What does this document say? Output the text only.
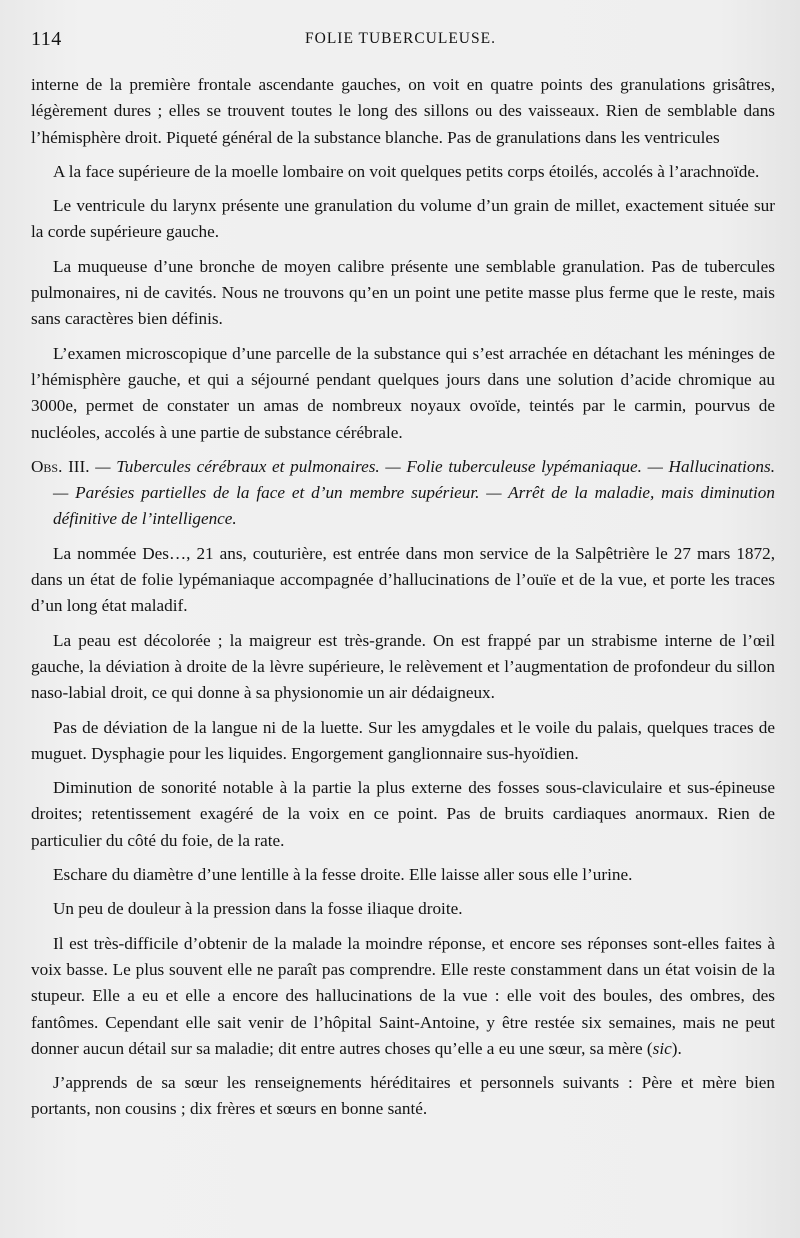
114	FOLIE TUBERCULEUSE.

interne de la première frontale ascendante gauches, on voit en quatre points des granulations grisâtres, légèrement dures ; elles se trouvent toutes le long des sillons ou des vaisseaux. Rien de semblable dans l’hémisphère droit. Piqueté général de la substance blanche. Pas de granulations dans les ventricules

A la face supérieure de la moelle lombaire on voit quelques petits corps étoilés, accolés à l’arachnoïde.

Le ventricule du larynx présente une granulation du volume d’un grain de millet, exactement située sur la corde supérieure gauche.

La muqueuse d’une bronche de moyen calibre présente une semblable granulation. Pas de tubercules pulmonaires, ni de cavités. Nous ne trouvons qu’en un point une petite masse plus ferme que le reste, mais sans caractères bien définis.

L’examen microscopique d’une parcelle de la substance qui s’est arrachée en détachant les méninges de l’hémisphère gauche, et qui a séjourné pendant quelques jours dans une solution d’acide chromique au 3000e, permet de constater un amas de nombreux noyaux ovoïde, teintés par le carmin, pourvus de nucléoles, accolés à une partie de substance cérébrale.

Obs. III. — Tubercules cérébraux et pulmonaires. — Folie tuberculeuse lypémaniaque. — Hallucinations. — Parésies partielles de la face et d’un membre supérieur. — Arrêt de la maladie, mais diminution définitive de l’intelligence.

La nommée Des…, 21 ans, couturière, est entrée dans mon service de la Salpêtrière le 27 mars 1872, dans un état de folie lypémaniaque accompagnée d’hallucinations de l’ouïe et de la vue, et porte les traces d’un long état maladif.

La peau est décolorée ; la maigreur est très-grande. On est frappé par un strabisme interne de l’œil gauche, la déviation à droite de la lèvre supérieure, le relèvement et l’augmentation de profondeur du sillon naso-labial droit, ce qui donne à sa physionomie un air dédaigneux.

Pas de déviation de la langue ni de la luette. Sur les amygdales et le voile du palais, quelques traces de muguet. Dysphagie pour les liquides. Engorgement ganglionnaire sus-hyoïdien.

Diminution de sonorité notable à la partie la plus externe des fosses sous-claviculaire et sus-épineuse droites; retentissement exagéré de la voix en ce point. Pas de bruits cardiaques anormaux. Rien de particulier du côté du foie, de la rate.

Eschare du diamètre d’une lentille à la fesse droite. Elle laisse aller sous elle l’urine.

Un peu de douleur à la pression dans la fosse iliaque droite.

Il est très-difficile d’obtenir de la malade la moindre réponse, et encore ses réponses sont-elles faites à voix basse. Le plus souvent elle ne paraît pas comprendre. Elle reste constamment dans un état voisin de la stupeur. Elle a eu et elle a encore des hallucinations de la vue : elle voit des boules, des ombres, des fantômes. Cependant elle sait venir de l’hôpital Saint-Antoine, y être restée six semaines, mais ne peut donner aucun détail sur sa maladie; dit entre autres choses qu’elle a eu une sœur, sa mère (sic).

J’apprends de sa sœur les renseignements héréditaires et personnels suivants : Père et mère bien portants, non cousins ; dix frères et sœurs en bonne santé.
